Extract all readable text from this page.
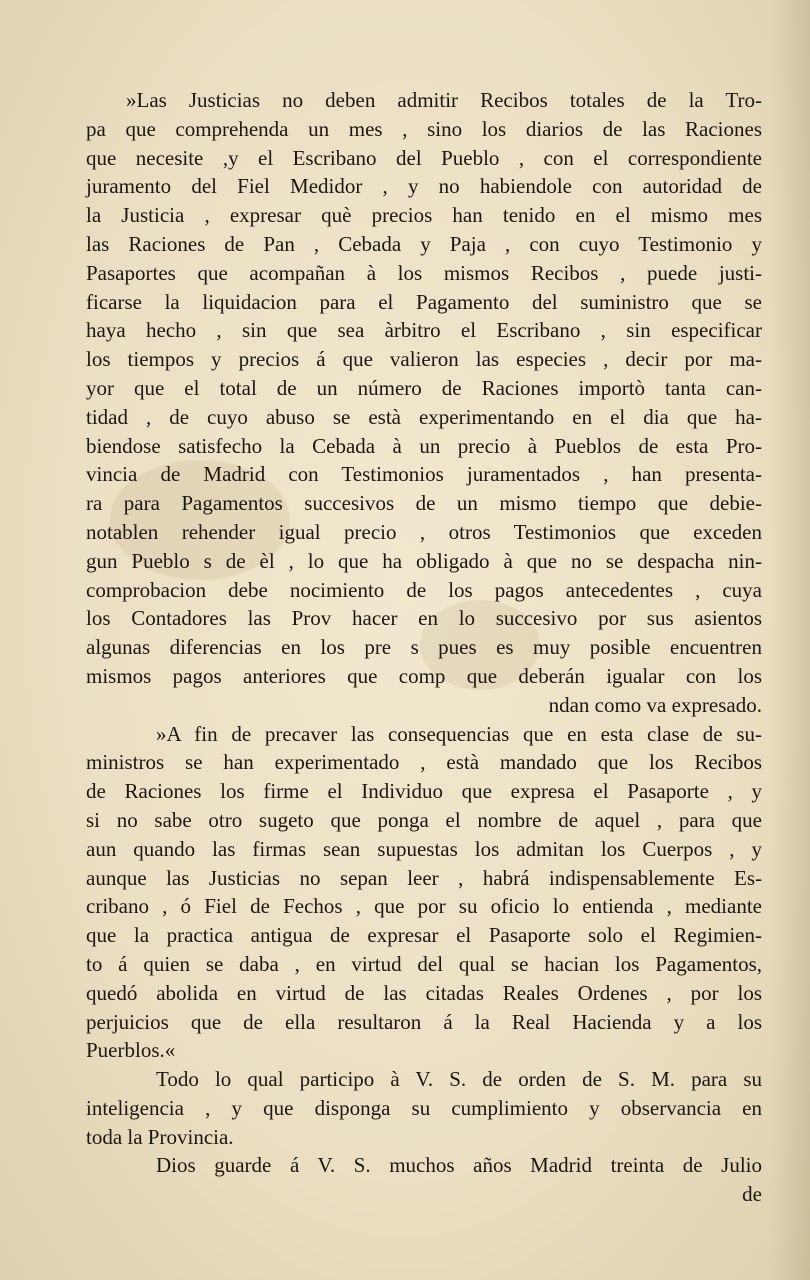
»Las Justicias no deben admitir Recibos totales de la Tro-
pa que comprehenda un mes , sino los diarios de las Raciones
que necesite ,y el Escribano del Pueblo , con el correspondiente
juramento del Fiel Medidor , y no habiendole con autoridad de
la Justicia , expresar què precios han tenido en el mismo mes
las Raciones de Pan , Cebada y Paja , con cuyo Testimonio y
Pasaportes que acompañan à los mismos Recibos , puede justi-
ficarse la liquidacion para el Pagamento del suministro que se
haya hecho , sin que sea àrbitro el Escribano , sin especificar
los tiempos y precios á que valieron las especies , decir por ma-
yor que el total de un número de Raciones importò tanta can-
tidad , de cuyo abuso se està experimentando en el dia que ha-
biendose satisfecho la Cebada à un precio à Pueblos de esta Pro-
vincia de Madrid con Testimonios juramentados , han presenta-
ra para Pagamentos succesivos de un mismo tiempo que debie-
notablen rehender igual precio , otros Testimonios que exceden
gun Pueblo s de èl , lo que ha obligado à que no se despacha nin-
comprobacion debe nocimiento de los pagos antecedentes , cuya
los Contadores las Prov hacer en lo succesivo por sus asientos
algunas diferencias en los pre s pues es muy posible encuentren
mismos pagos anteriores que comp que deberán igualar con los
ndan como va expresado.
»A fin de precaver las consequencias que en esta clase de su-
ministros se han experimentado , està mandado que los Recibos
de Raciones los firme el Individuo que expresa el Pasaporte , y
si no sabe otro sugeto que ponga el nombre de aquel , para que
aun quando las firmas sean supuestas los admitan los Cuerpos , y
aunque las Justicias no sepan leer , habrá indispensablemente Es-
cribano , ó Fiel de Fechos , que por su oficio lo entienda , mediante
que la practica antigua de expresar el Pasaporte solo el Regimien-
to á quien se daba , en virtud del qual se hacian los Pagamentos,
quedó abolida en virtud de las citadas Reales Ordenes , por los
perjuicios que de ella resultaron á la Real Hacienda y a los
Puerblos.«
Todo lo qual participo à V. S. de orden de S. M. para su
inteligencia , y que disponga su cumplimiento y observancia en
toda la Provincia.
Dios guarde á V. S. muchos años Madrid treinta de Julio
de
